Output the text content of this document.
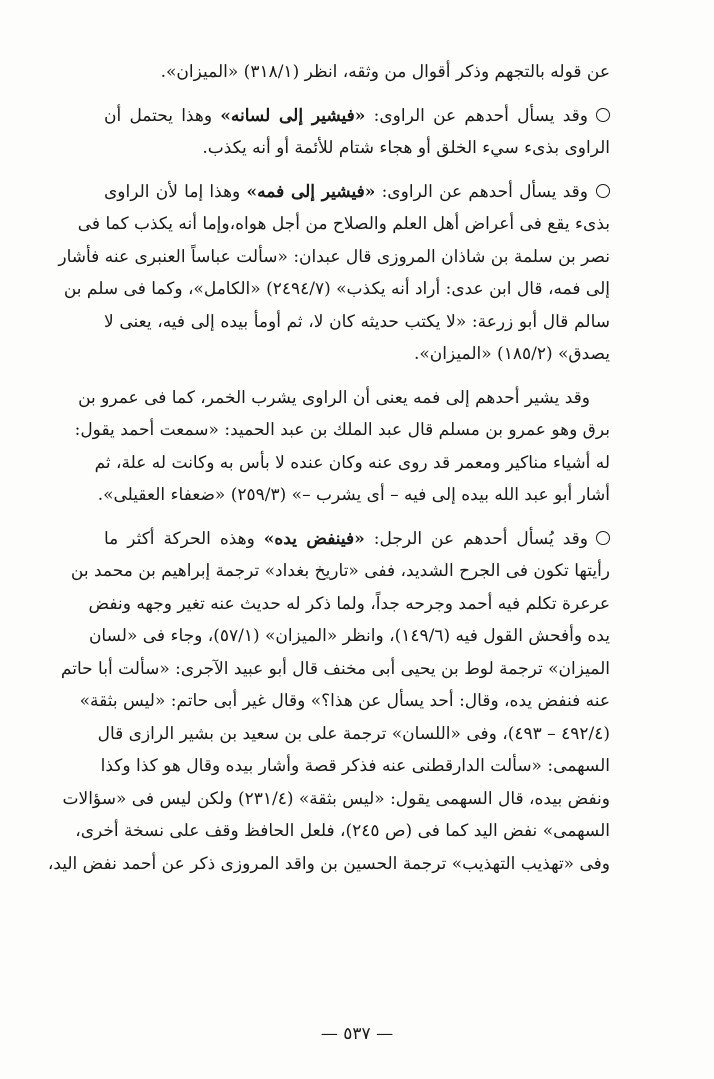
عن قوله بالتجهم وذكر أقوال من وثقه، انظر (٣١٨/١) «الميزان».

وقد يسأل أحدهم عن الراوى: «فيشير إلى لسانه» وهذا يحتمل أن
الراوى بذىء سيء الخلق أو هجاء شتام للأئمة أو أنه يكذب.

وقد يسأل أحدهم عن الراوى: «فيشير إلى فمه» وهذا إما لأن الراوى
بذىء يقع فى أعراض أهل العلم والصلاح من أجل هواه،وإما أنه يكذب كما فى
نصر بن سلمة بن شاذان المروزى قال عبدان: «سألت عباساً العنبرى عنه فأشار
إلى فمه، قال ابن عدى: أراد أنه يكذب» (٢٤٩٤/٧) «الكامل»، وكما فى سلم بن
سالم قال أبو زرعة: «لا يكتب حديثه كان لا، ثم أومأ بيده إلى فيه، يعنى لا
يصدق» (١٨٥/٢) «الميزان».

وقد يشير أحدهم إلى فمه يعنى أن الراوى يشرب الخمر، كما فى عمرو بن
برق وهو عمرو بن مسلم قال عبد الملك بن عبد الحميد: «سمعت أحمد يقول:
له أشياء مناكير ومعمر قد روى عنه وكان عنده لا بأس به وكانت له علة، ثم
أشار أبو عبد الله بيده إلى فيه – أى يشرب –» (٢٥٩/٣) «ضعفاء العقيلى».

وقد يُسأل أحدهم عن الرجل: «فينفض يده» وهذه الحركة أكثر ما
رأيتها تكون فى الجرح الشديد، ففى «تاريخ بغداد» ترجمة إبراهيم بن محمد بن
عرعرة تكلم فيه أحمد وجرحه جداً، ولما ذكر له حديث عنه تغير وجهه ونفض
يده وأفحش القول فيه (١٤٩/٦)، وانظر «الميزان» (٥٧/١)، وجاء فى «لسان
الميزان» ترجمة لوط بن يحيى أبى مخنف قال أبو عبيد الآجرى: «سألت أبا حاتم
عنه فنفض يده، وقال: أحد يسأل عن هذا؟» وقال غير أبى حاتم: «ليس بثقة»
(٤٩٢/٤ – ٤٩٣)، وفى «اللسان» ترجمة على بن سعيد بن بشير الرازى قال
السهمى: «سألت الدارقطنى عنه فذكر قصة وأشار بيده وقال هو كذا وكذا
ونفض بيده، قال السهمى يقول: «ليس بثقة» (٢٣١/٤) ولكن ليس فى «سؤالات
السهمى» نفض اليد كما فى (ص ٢٤٥)، فلعل الحافظ وقف على نسخة أخرى،
وفى «تهذيب التهذيب» ترجمة الحسين بن واقد المروزى ذكر عن أحمد نفض اليد،

— ٥٣٧ —
